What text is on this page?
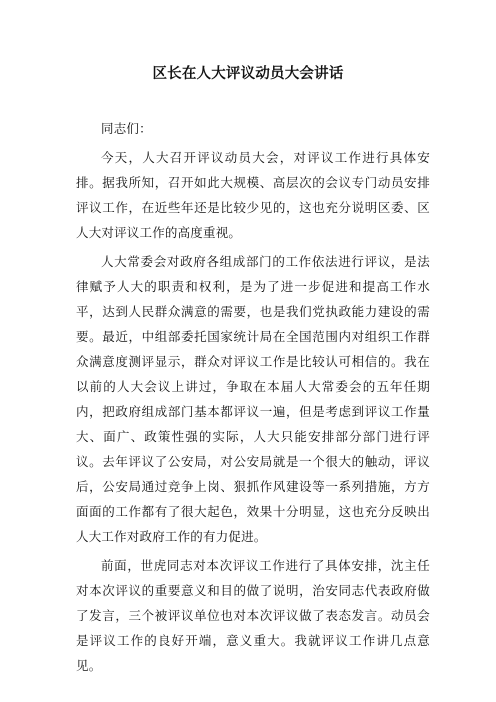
区长在人大评议动员大会讲话

同志们：

今天，人大召开评议动员大会，对评议工作进行具体安排。据我所知，召开如此大规模、高层次的会议专门动员安排评议工作，在近些年还是比较少见的，这也充分说明区委、区人大对评议工作的高度重视。

人大常委会对政府各组成部门的工作依法进行评议，是法律赋予人大的职责和权利，是为了进一步促进和提高工作水平，达到人民群众满意的需要，也是我们党执政能力建设的需要。最近，中组部委托国家统计局在全国范围内对组织工作群众满意度测评显示，群众对评议工作是比较认可相信的。我在以前的人大会议上讲过，争取在本届人大常委会的五年任期内，把政府组成部门基本都评议一遍，但是考虑到评议工作量大、面广、政策性强的实际，人大只能安排部分部门进行评议。去年评议了公安局，对公安局就是一个很大的触动，评议后，公安局通过竞争上岗、狠抓作风建设等一系列措施，方方面面的工作都有了很大起色，效果十分明显，这也充分反映出人大工作对政府工作的有力促进。

前面，世虎同志对本次评议工作进行了具体安排，沈主任对本次评议的重要意义和目的做了说明，治安同志代表政府做了发言，三个被评议单位也对本次评议做了表态发言。动员会是评议工作的良好开端，意义重大。我就评议工作讲几点意见。
